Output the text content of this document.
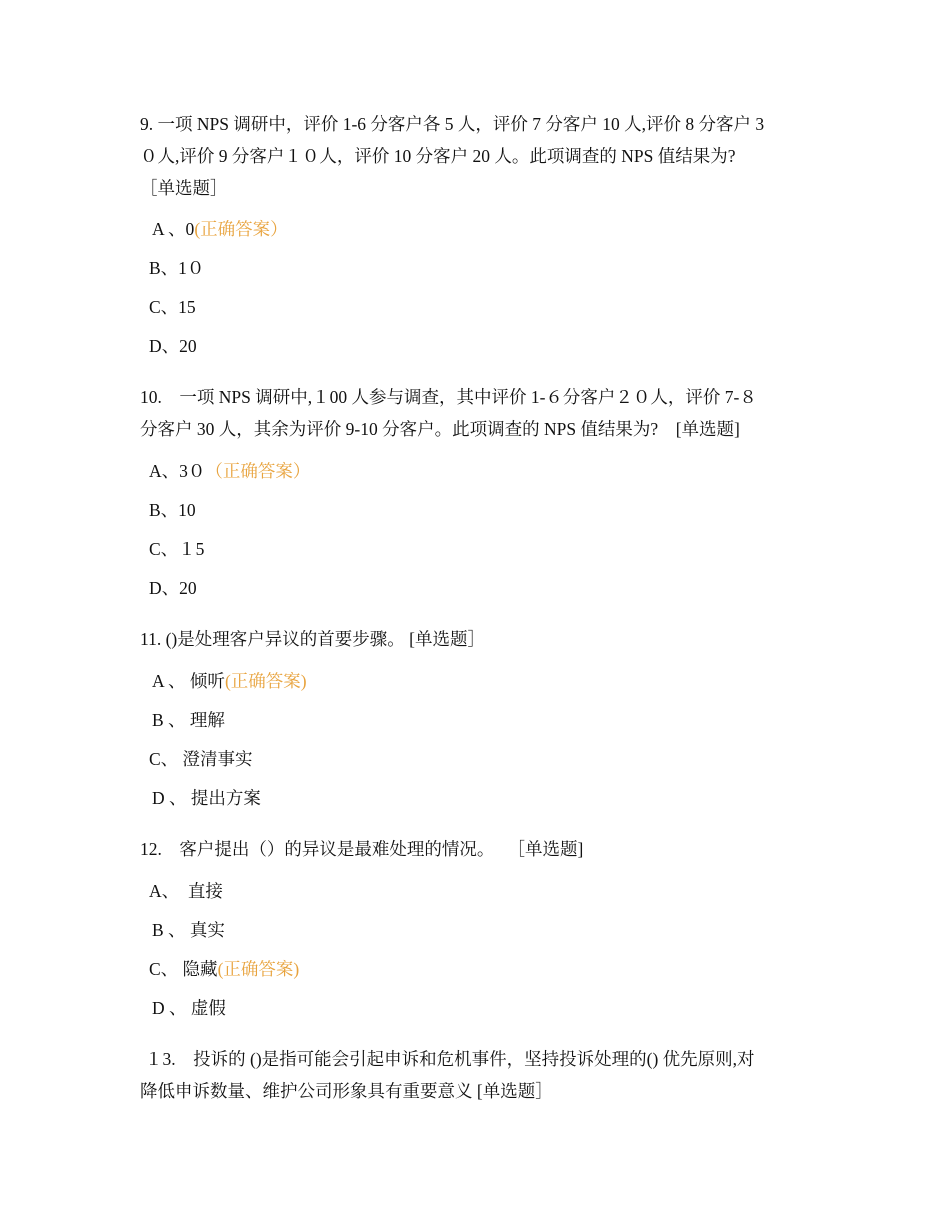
9. 一项 NPS 调研中，评价 1-6 分客户各 5 人，评价 7 分客户 10 人,评价 8 分客户 3
０人,评价 9 分客户１０人，评价 10 分客户 20 人。此项调查的 NPS 值结果为?
［单选题］
A 、0(正确答案）
B、1０
C、15
D、20
10.　一项 NPS 调研中,１00 人参与调查，其中评价 1-６分客户２０人，评价 7-８
分客户 30 人，其余为评价 9-10 分客户。此项调查的 NPS 值结果为?　[单选题]
A、3０（正确答案）
B、10
C、１5
D、20
11. ()是处理客户异议的首要步骤。 [单选题］
A 、 倾听(正确答案)
B 、 理解
C、 澄清事实
D 、 提出方案
12.　客户提出（）的异议是最难处理的情况。　 ［单选题]
A、　直接
B 、 真实
C、 隐藏(正确答案)
D 、 虚假
１3.　投诉的 ()是指可能会引起申诉和危机事件，坚持投诉处理的() 优先原则,对
降低申诉数量、维护公司形象具有重要意义 [单选题］
